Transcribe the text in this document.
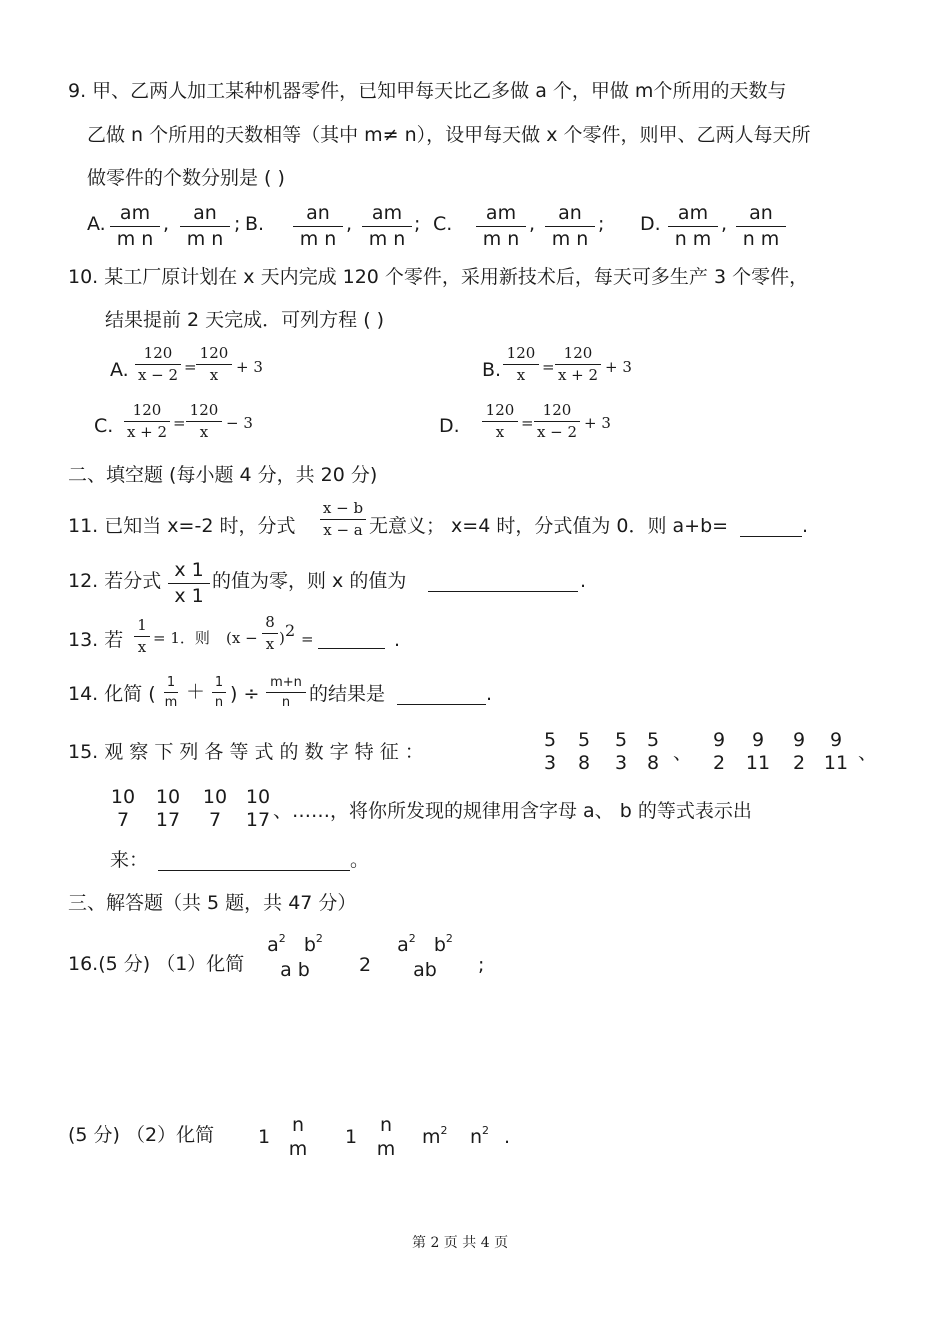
9. 甲、乙两人加工某种机器零件，已知甲每天比乙多做 a 个，甲做 m个所用的天数与
乙做 n 个所用的天数相等（其中 m≠ n），设甲每天做 x 个零件，则甲、乙两人每天所
做零件的个数分别是 ( )
A. am
m n
,	an
m n
; B.	an
m n
,	am
m n
; C.	am
m n
,	an
m n
; D. am
n m
,	an
n m
10. 某工厂原计划在 x 天内完成 120 个零件，采用新技术后，每天可多生产 3 个零件，
结果提前 2 天完成．可列方程 ( )
A.
120
x − 2 =
120
x	+ 3	B.
120
x	=
120
x + 2 + 3
C.
120
x + 2 =
120
x	− 3	D.
120
x	=
120
x − 2 + 3
二、填空题 (每小题 4 分，共 20 分)
11. 已知当 x=-2 时，分式
x − b
x − a 无意义； x=4 时，分式值为 0．则 a+b=	.
12. 若分式 x 1
x 1
的值为零，则 x 的值为	.
13. 若
1
x = 1．则 (x −
8
x ) 2 =	.
14. 化简 (
1
m ＋ 1
n ) ÷
m+n
n 的结果是	.
15. 观 察 下 列 各 等 式 的 数 字 特 征 ：
5
3
5
8
5
3
5
8 、
9
2
9
11
9
2
9
11 、
10
7
10
17
10
7
10
17 、……，将你所发现的规律用含字母 a、 b 的等式表示出
来：	。
三、解答题（共 5 题，共 47 分）
16.(5 分) （1）化简
$a^2$ $b^2$
a b	2
$a^2$ $b^2$
ab	;
(5 分) （2）化简 1
n
m
1
n
m
$m^2$ $n^2$ .
第 2 页 共 4 页
